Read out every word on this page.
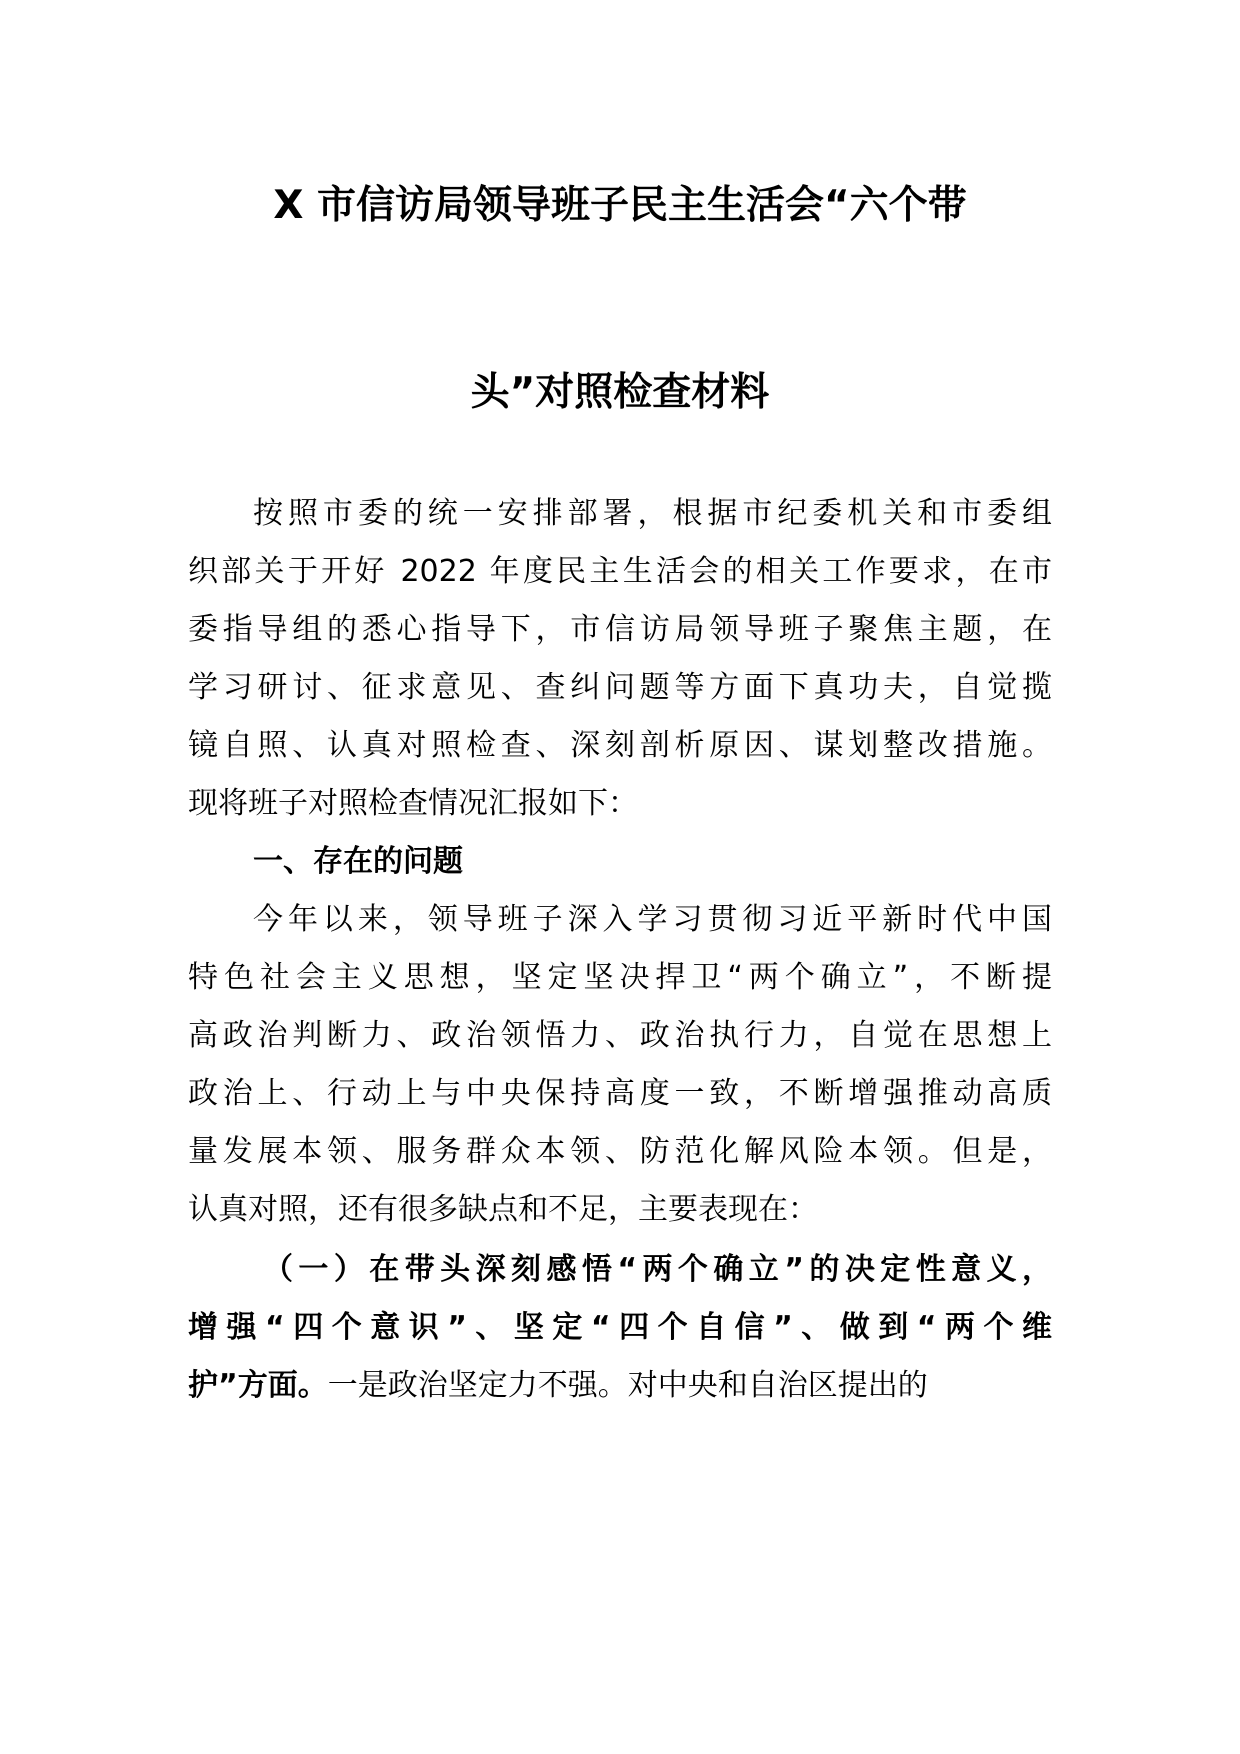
X 市信访局领导班子民主生活会“六个带
头”对照检查材料
按照市委的统一安排部署，根据市纪委机关和市委组
织部关于开好 2022 年度民主生活会的相关工作要求，在市
委指导组的悉心指导下，市信访局领导班子聚焦主题，在
学习研讨、征求意见、查纠问题等方面下真功夫，自觉揽
镜自照、认真对照检查、深刻剖析原因、谋划整改措施。
现将班子对照检查情况汇报如下：
一、存在的问题
今年以来，领导班子深入学习贯彻习近平新时代中国
特色社会主义思想，坚定坚决捍卫“两个确立”，不断提
高政治判断力、政治领悟力、政治执行力，自觉在思想上
政治上、行动上与中央保持高度一致，不断增强推动高质
量发展本领、服务群众本领、防范化解风险本领。但是，
认真对照，还有很多缺点和不足，主要表现在：
（一）在带头深刻感悟“两个确立”的决定性意义，
增强“四个意识”、坚定“四个自信”、做到“两个维
护”方面。一是政治坚定力不强。对中央和自治区提出的
